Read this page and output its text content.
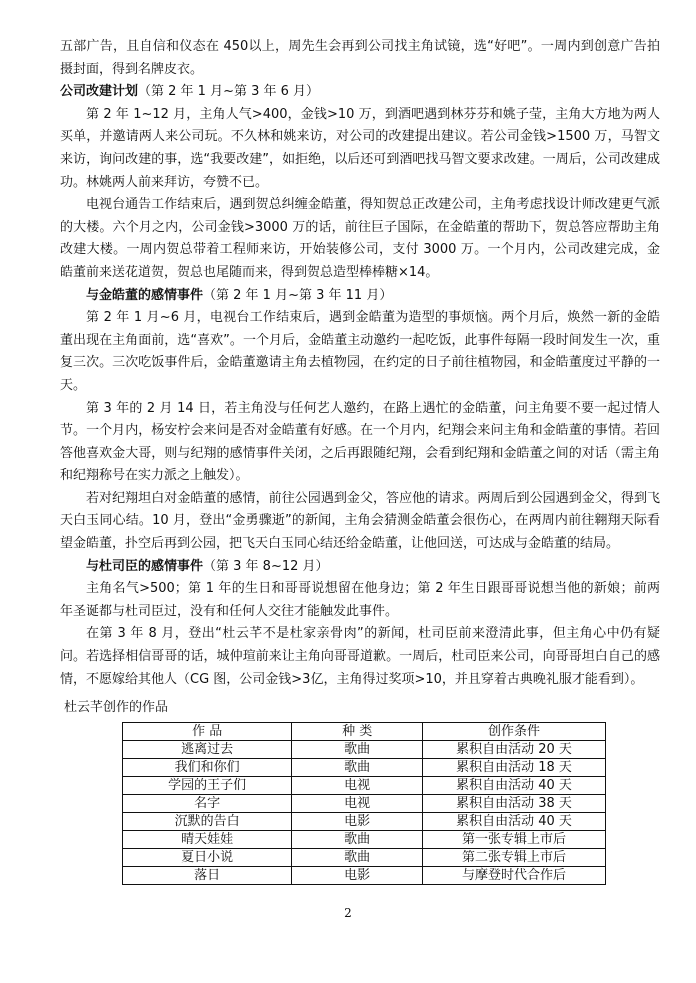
五部广告，且自信和仪态在 450以上，周先生会再到公司找主角试镜，选“好吧”。一周内到创意广告拍摄封面，得到名牌皮衣。

公司改建计划（第 2 年 1 月~第 3 年 6 月）

第 2 年 1~12 月，主角人气>400，金钱>10 万，到酒吧遇到林芬芬和姚子莹，主角大方地为两人买单，并邀请两人来公司玩。不久林和姚来访，对公司的改建提出建议。若公司金钱>1500 万，马智文来访，询问改建的事，选“我要改建”，如拒绝，以后还可到酒吧找马智文要求改建。一周后，公司改建成功。林姚两人前来拜访，夸赞不已。

电视台通告工作结束后，遇到贺总纠缠金皓董，得知贺总正改建公司，主角考虑找设计师改建更气派的大楼。六个月之内，公司金钱>3000 万的话，前往巨子国际，在金皓董的帮助下，贺总答应帮助主角改建大楼。一周内贺总带着工程师来访，开始装修公司，支付 3000 万。一个月内，公司改建完成，金皓董前来送花道贺，贺总也尾随而来，得到贺总造型棒棒糖×14。

与金皓董的感情事件（第 2 年 1 月~第 3 年 11 月）

第 2 年 1 月~6 月，电视台工作结束后，遇到金皓董为造型的事烦恼。两个月后，焕然一新的金皓董出现在主角面前，选“喜欢”。一个月后，金皓董主动邀约一起吃饭，此事件每隔一段时间发生一次，重复三次。三次吃饭事件后，金皓董邀请主角去植物园，在约定的日子前往植物园，和金皓董度过平静的一天。

第 3 年的 2 月 14 日，若主角没与任何艺人邀约，在路上遇忙的金皓董，问主角要不要一起过情人节。一个月内，杨安柠会来问是否对金皓董有好感。在一个月内，纪翔会来问主角和金皓董的事情。若回答他喜欢金大哥，则与纪翔的感情事件关闭，之后再跟随纪翔，会看到纪翔和金皓董之间的对话（需主角和纪翔称号在实力派之上触发）。

若对纪翔坦白对金皓董的感情，前往公园遇到金父，答应他的请求。两周后到公园遇到金父，得到飞天白玉同心结。10 月，登出“金勇骤逝”的新闻，主角会猜测金皓董会很伤心，在两周内前往翱翔天际看望金皓董，扑空后再到公园，把飞天白玉同心结还给金皓董，让他回送，可达成与金皓董的结局。

与杜司臣的感情事件（第 3 年 8~12 月）

主角名气>500；第 1 年的生日和哥哥说想留在他身边；第 2 年生日跟哥哥说想当他的新娘；前两年圣诞都与杜司臣过，没有和任何人交往才能触发此事件。

在第 3 年 8 月，登出“杜云芊不是杜家亲骨肉”的新闻，杜司臣前来澄清此事，但主角心中仍有疑问。若选择相信哥哥的话，城仲瑄前来让主角向哥哥道歉。一周后，杜司臣来公司，向哥哥坦白自己的感情，不愿嫁给其他人（CG 图，公司金钱>3亿，主角得过奖项>10，并且穿着古典晚礼服才能看到）。

杜云芊创作的作品

作 品	种 类	创作条件
逃离过去	歌曲	累积自由活动 20 天
我们和你们	歌曲	累积自由活动 18 天
学园的王子们	电视	累积自由活动 40 天
名字	电视	累积自由活动 38 天
沉默的告白	电影	累积自由活动 40 天
晴天娃娃	歌曲	第一张专辑上市后
夏日小说	歌曲	第二张专辑上市后
落日	电影	与摩登时代合作后
2
